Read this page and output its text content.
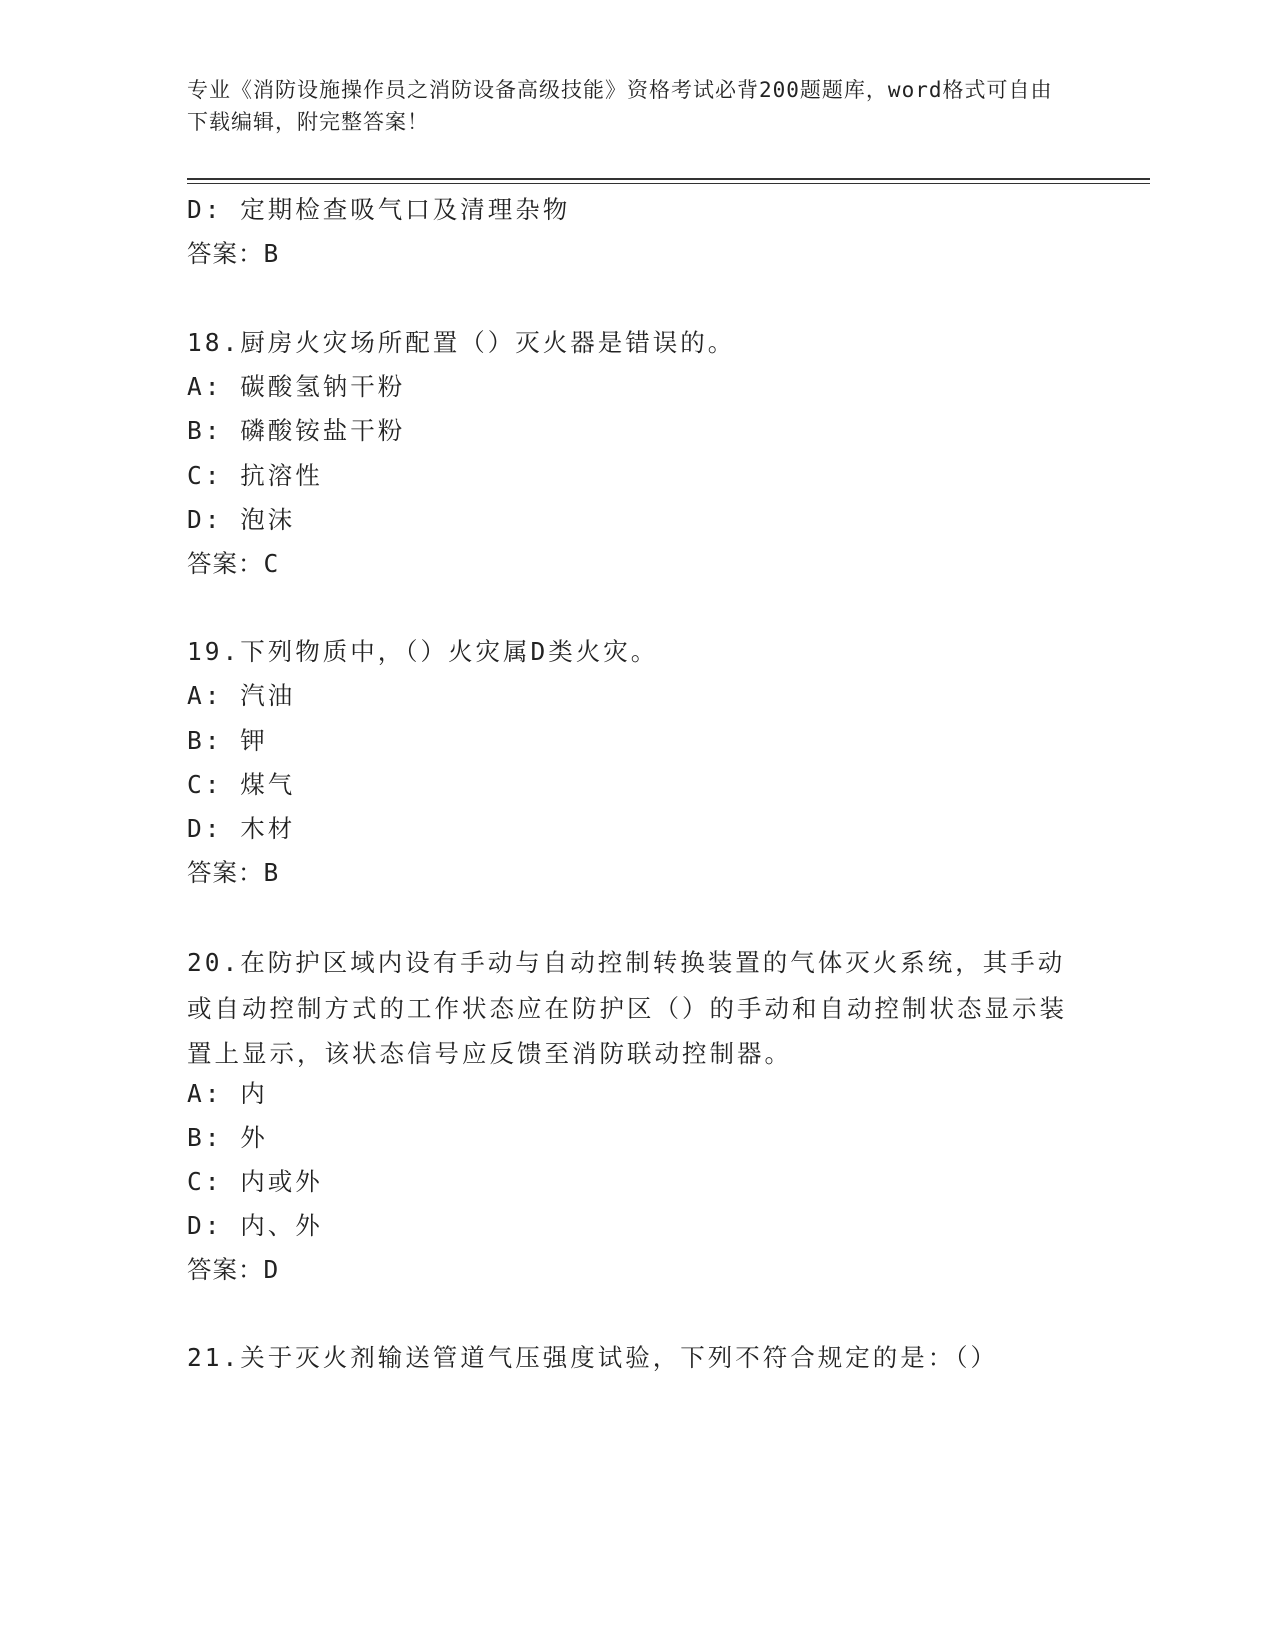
专业《消防设施操作员之消防设备高级技能》资格考试必背200题题库，word格式可自由下载编辑，附完整答案！
D: 定期检查吸气口及清理杂物
答案：B
18.厨房火灾场所配置（）灭火器是错误的。
A: 碳酸氢钠干粉
B: 磷酸铵盐干粉
C: 抗溶性
D: 泡沫
答案：C
19.下列物质中，（）火灾属D类火灾。
A: 汽油
B: 钾
C: 煤气
D: 木材
答案：B
20.在防护区域内设有手动与自动控制转换装置的气体灭火系统，其手动或自动控制方式的工作状态应在防护区（）的手动和自动控制状态显示装置上显示，该状态信号应反馈至消防联动控制器。
A: 内
B: 外
C: 内或外
D: 内、外
答案：D
21.关于灭火剂输送管道气压强度试验，下列不符合规定的是：（）
